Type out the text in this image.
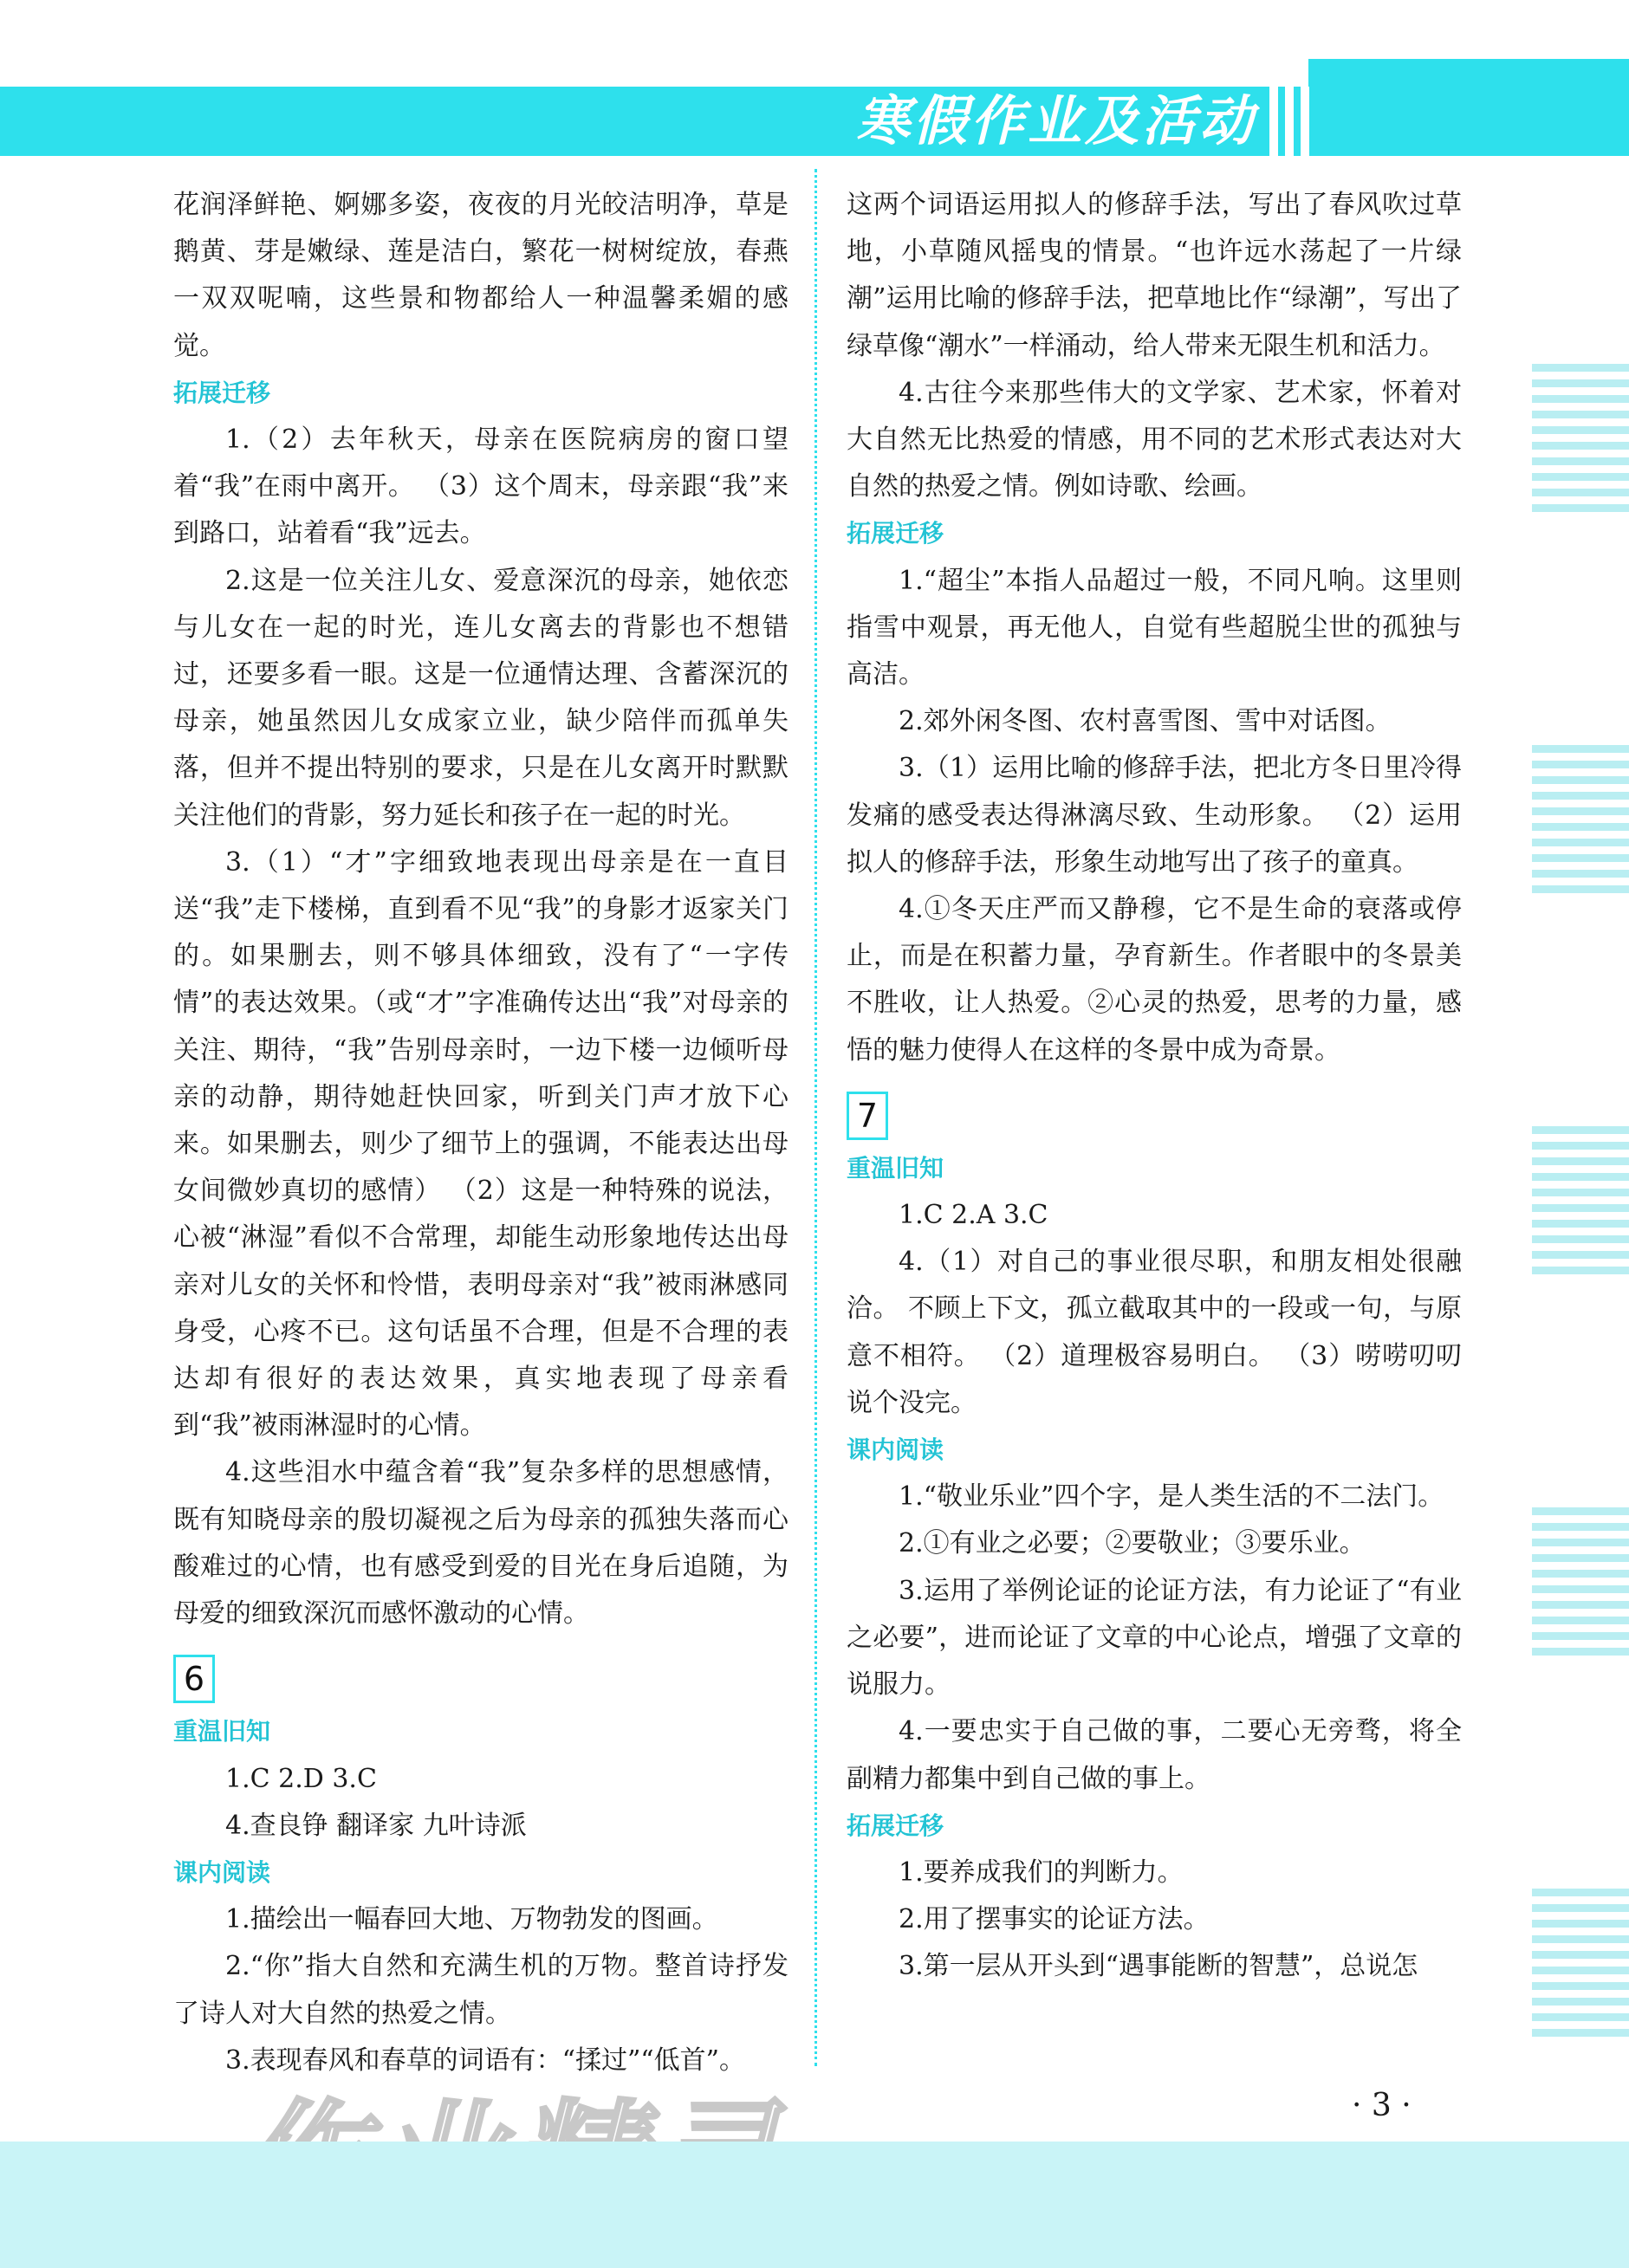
寒假作业及活动

花润泽鲜艳、婀娜多姿，夜夜的月光皎洁明净，草是鹅黄、芽是嫩绿、莲是洁白，繁花一树树绽放，春燕一双双呢喃，这些景和物都给人一种温馨柔媚的感觉。

拓展迁移

1.（2）去年秋天，母亲在医院病房的窗口望着“我”在雨中离开。 （3）这个周末，母亲跟“我”来到路口，站着看“我”远去。

2.这是一位关注儿女、爱意深沉的母亲，她依恋与儿女在一起的时光，连儿女离去的背影也不想错过，还要多看一眼。这是一位通情达理、含蓄深沉的母亲，她虽然因儿女成家立业，缺少陪伴而孤单失落，但并不提出特别的要求，只是在儿女离开时默默关注他们的背影，努力延长和孩子在一起的时光。

3.（1）“才”字细致地表现出母亲是在一直目送“我”走下楼梯，直到看不见“我”的身影才返家关门的。如果删去，则不够具体细致，没有了“一字传情”的表达效果。（或“才”字准确传达出“我”对母亲的关注、期待，“我”告别母亲时，一边下楼一边倾听母亲的动静，期待她赶快回家，听到关门声才放下心来。如果删去，则少了细节上的强调，不能表达出母女间微妙真切的感情） （2）这是一种特殊的说法，心被“淋湿”看似不合常理，却能生动形象地传达出母亲对儿女的关怀和怜惜，表明母亲对“我”被雨淋感同身受，心疼不已。这句话虽不合理，但是不合理的表达却有很好的表达效果，真实地表现了母亲看到“我”被雨淋湿时的心情。

4.这些泪水中蕴含着“我”复杂多样的思想感情，既有知晓母亲的殷切凝视之后为母亲的孤独失落而心酸难过的心情，也有感受到爱的目光在身后追随，为母爱的细致深沉而感怀激动的心情。

6
重温旧知

1.C 2.D 3.C

4.查良铮 翻译家 九叶诗派

课内阅读

1.描绘出一幅春回大地、万物勃发的图画。

2.“你”指大自然和充满生机的万物。整首诗抒发了诗人对大自然的热爱之情。

3.表现春风和春草的词语有：“揉过”“低首”。

这两个词语运用拟人的修辞手法，写出了春风吹过草地，小草随风摇曳的情景。“也许远水荡起了一片绿潮”运用比喻的修辞手法，把草地比作“绿潮”，写出了绿草像“潮水”一样涌动，给人带来无限生机和活力。

4.古往今来那些伟大的文学家、艺术家，怀着对大自然无比热爱的情感，用不同的艺术形式表达对大自然的热爱之情。例如诗歌、绘画。

拓展迁移

1.“超尘”本指人品超过一般，不同凡响。这里则指雪中观景，再无他人，自觉有些超脱尘世的孤独与高洁。

2.郊外闲冬图、农村喜雪图、雪中对话图。

3.（1）运用比喻的修辞手法，把北方冬日里冷得发痛的感受表达得淋漓尽致、生动形象。 （2）运用拟人的修辞手法，形象生动地写出了孩子的童真。

4.①冬天庄严而又静穆，它不是生命的衰落或停止，而是在积蓄力量，孕育新生。作者眼中的冬景美不胜收，让人热爱。②心灵的热爱，思考的力量，感悟的魅力使得人在这样的冬景中成为奇景。

7
重温旧知

1.C 2.A 3.C

4.（1）对自己的事业很尽职，和朋友相处很融洽。 不顾上下文，孤立截取其中的一段或一句，与原意不相符。 （2）道理极容易明白。 （3）唠唠叨叨说个没完。

课内阅读

1.“敬业乐业”四个字，是人类生活的不二法门。

2.①有业之必要；②要敬业；③要乐业。

3.运用了举例论证的论证方法，有力论证了“有业之必要”，进而论证了文章的中心论点，增强了文章的说服力。

4.一要忠实于自己做的事，二要心无旁骛，将全副精力都集中到自己做的事上。

拓展迁移

1.要养成我们的判断力。

2.用了摆事实的论证方法。

3.第一层从开头到“遇事能断的智慧”，总说怎

· 3 ·
